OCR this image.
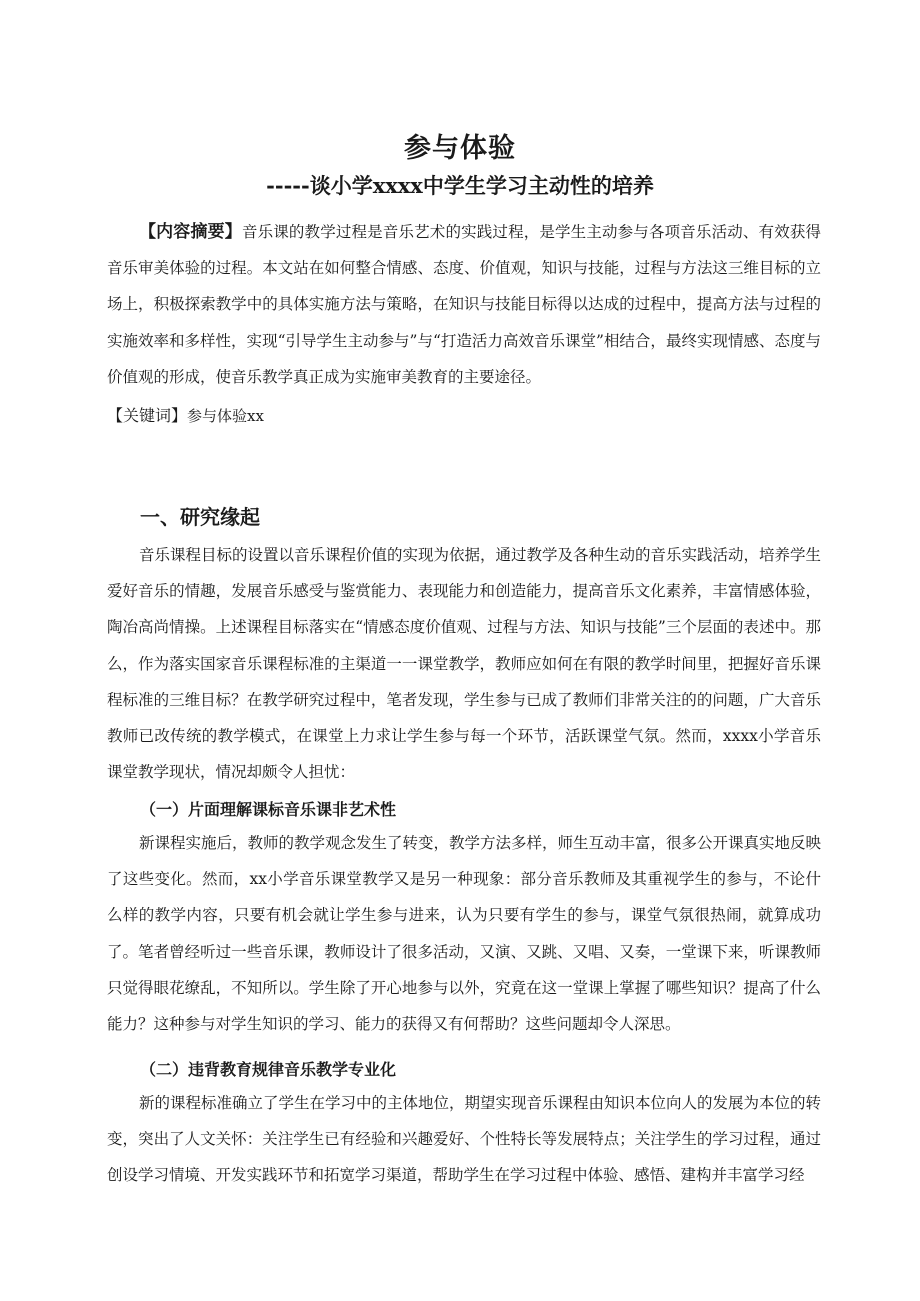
参与体验
-----谈小学xxxx中学生学习主动性的培养

【内容摘要】音乐课的教学过程是音乐艺术的实践过程，是学生主动参与各项音乐活动、有效获得音乐审美体验的过程。本文站在如何整合情感、态度、价值观，知识与技能，过程与方法这三维目标的立场上，积极探索教学中的具体实施方法与策略，在知识与技能目标得以达成的过程中，提高方法与过程的实施效率和多样性，实现“引导学生主动参与”与“打造活力高效音乐课堂”相结合，最终实现情感、态度与价值观的形成，使音乐教学真正成为实施审美教育的主要途径。

【关键词】参与体验xx

一、研究缘起

音乐课程目标的设置以音乐课程价值的实现为依据，通过教学及各种生动的音乐实践活动，培养学生爱好音乐的情趣，发展音乐感受与鉴赏能力、表现能力和创造能力，提高音乐文化素养，丰富情感体验，陶冶高尚情操。上述课程目标落实在“情感态度价值观、过程与方法、知识与技能”三个层面的表述中。那么，作为落实国家音乐课程标准的主渠道一一课堂教学，教师应如何在有限的教学时间里，把握好音乐课程标准的三维目标？在教学研究过程中，笔者发现，学生参与已成了教师们非常关注的的问题，广大音乐教师已改传统的教学模式，在课堂上力求让学生参与每一个环节，活跃课堂气氛。然而，xxxx小学音乐课堂教学现状，情况却颇令人担忧：

（一）片面理解课标音乐课非艺术性

新课程实施后，教师的教学观念发生了转变，教学方法多样，师生互动丰富，很多公开课真实地反映了这些变化。然而，xx小学音乐课堂教学又是另一种现象：部分音乐教师及其重视学生的参与，不论什么样的教学内容，只要有机会就让学生参与进来，认为只要有学生的参与，课堂气氛很热闹，就算成功了。笔者曾经听过一些音乐课，教师设计了很多活动，又演、又跳、又唱、又奏，一堂课下来，听课教师只觉得眼花缭乱，不知所以。学生除了开心地参与以外，究竟在这一堂课上掌握了哪些知识？提高了什么能力？这种参与对学生知识的学习、能力的获得又有何帮助？这些问题却令人深思。

（二）违背教育规律音乐教学专业化

新的课程标准确立了学生在学习中的主体地位，期望实现音乐课程由知识本位向人的发展为本位的转变，突出了人文关怀：关注学生已有经验和兴趣爱好、个性特长等发展特点；关注学生的学习过程，通过创设学习情境、开发实践环节和拓宽学习渠道，帮助学生在学习过程中体验、感悟、建构并丰富学习经
